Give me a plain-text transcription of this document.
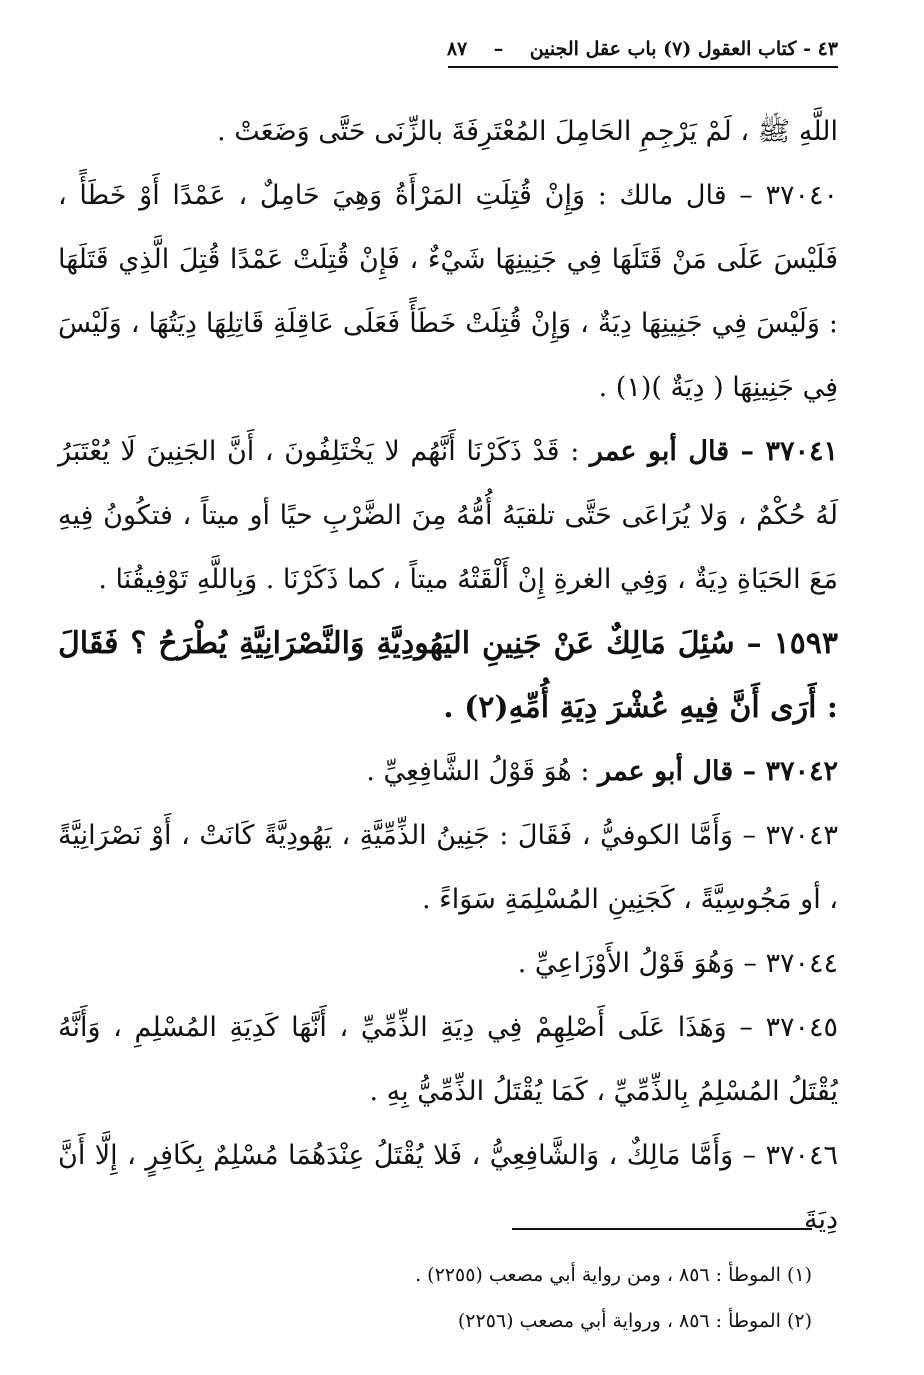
٤٣ - كتاب العقول (٧) باب عقل الجنين    –    ٨٧

اللَّهِ ﷺ ، لَمْ يَرْجِمِ الحَامِلَ المُعْتَرِفَةَ بالزِّنَى حَتَّى وَضَعَتْ .

٣٧٠٤٠ – قال مالك : وَإِنْ قُتِلَتِ المَرْأَةُ وَهِيَ حَامِلٌ ، عَمْدًا أَوْ خَطَأً ، فَلَيْسَ عَلَى مَنْ قَتَلَهَا فِي جَنِينِهَا شَيْءٌ ، فَإِنْ قُتِلَتْ عَمْدًا قُتِلَ الَّذِي قَتَلَهَا : وَلَيْسَ فِي جَنِينِهَا دِيَةٌ ، وَإِنْ قُتِلَتْ خَطَأً فَعَلَى عَاقِلَةِ قَاتِلِهَا دِيَتُهَا ، وَلَيْسَ فِي جَنِينِهَا ( دِيَةٌ )(١) .

٣٧٠٤١ – قال أبو عمر : قَدْ ذَكَرْنَا أَنَّهُم لا يَخْتَلِفُونَ ، أَنَّ الجَنِينَ لَا يُعْتَبَرُ لَهُ حُكْمٌ ، وَلا يُرَاعَى حَتَّى تلقيَهُ أُمُّهُ مِنَ الضَّرْبِ حيًا أو ميتاً ، فتكُونُ فِيهِ مَعَ الحَيَاةِ دِيَةٌ ، وَفِي الغرةِ إِنْ أَلْقَتْهُ ميتاً ، كما ذَكَرْنَا . وَبِاللَّهِ تَوْفِيقُنَا .

١٥٩٣ – سُئِلَ مَالِكٌ عَنْ جَنِينِ اليَهُودِيَّةِ وَالنَّصْرَانِيَّةِ يُطْرَحُ ؟ فَقَالَ : أَرَى أَنَّ فِيهِ عُشْرَ دِيَةِ أُمِّهِ(٢) .

٣٧٠٤٢ – قال أبو عمر : هُوَ قَوْلُ الشَّافِعِيِّ .

٣٧٠٤٣ – وَأَمَّا الكوفيُّ ، فَقَالَ : جَنِينُ الذِّمِّيَّةِ ، يَهُودِيَّةً كَانَتْ ، أَوْ نَصْرَانِيَّةً ، أو مَجُوسِيَّةً ، كَجَنِينِ المُسْلِمَةِ سَوَاءً .

٣٧٠٤٤ – وَهُوَ قَوْلُ الأَوْزَاعِيِّ .

٣٧٠٤٥ – وَهَذَا عَلَى أَصْلِهِمْ فِي دِيَةِ الذِّمِّيِّ ، أَنَّهَا كَدِيَةِ المُسْلِمِ ، وَأَنَّهُ يُقْتَلُ المُسْلِمُ بِالذِّمِّيِّ ، كَمَا يُقْتَلُ الذِّمِّيُّ بِهِ .

٣٧٠٤٦ – وَأَمَّا مَالِكٌ ، وَالشَّافِعِيُّ ، فَلا يُقْتَلُ عِنْدَهُمَا مُسْلِمٌ بِكَافِرٍ ، إِلَّا أَنَّ دِيَةَ

(١) الموطأ : ٨٥٦ ، ومن رواية أبي مصعب (٢٢٥٥) .
(٢) الموطأ : ٨٥٦ ، ورواية أبي مصعب (٢٢٥٦)
